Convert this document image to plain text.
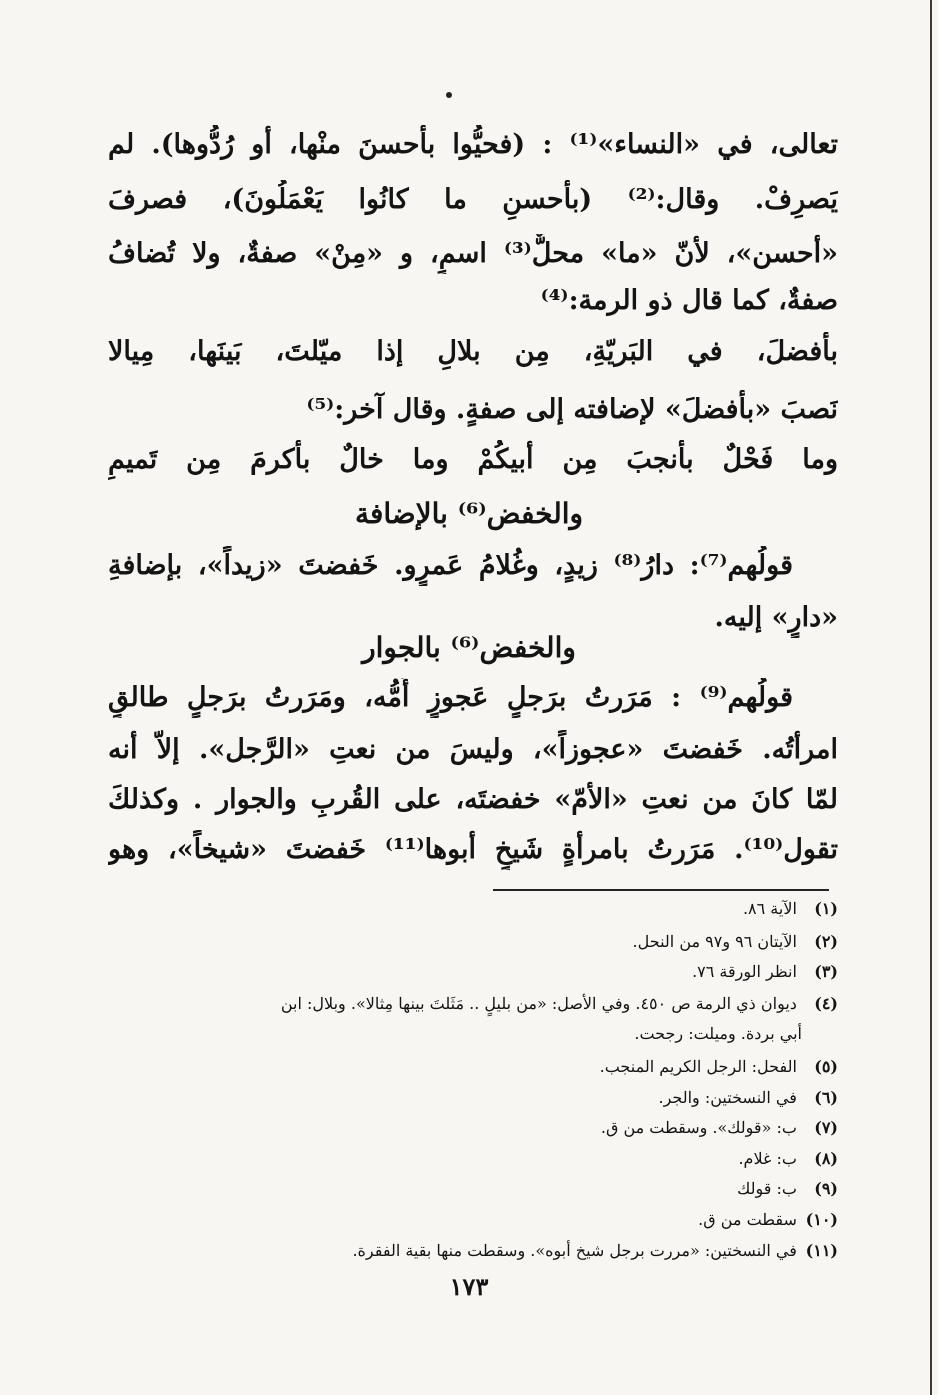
تعالى، في «النساء»⁽¹⁾ : (فحيُّوا بأحسنَ منْها، أو رُدُّوها). لم
يَصرِفْ. وقال:⁽²⁾ (بأحسنِ ما كانُوا يَعْمَلُونَ)، فصرفَ
«أحسن»، لأنّ «ما» محلٌّ⁽³⁾ اسمٍ، و «مِنْ» صفةٌ، ولا تُضافُ
صفةٌ، كما قال ذو الرمة:⁽⁴⁾
بأفضلَ، في البَريّةِ، مِن بلالِ إذا ميّلتَ، بَينَها، مِيالا
نَصبَ «بأفضلَ» لإضافته إلى صفةٍ. وقال آخر:⁽⁵⁾
وما فَحْلٌ بأنجبَ مِن أبيكُمْ وما خالٌ بأكرمَ مِن تَميمِ
والخفض⁽⁶⁾ بالإضافة
قولُهم⁽⁷⁾: دارُ⁽⁸⁾ زيدٍ، وغُلامُ عَمرٍو. خَفضتَ «زيداً»، بإضافةِ
«دارٍ» إليه.
والخفض⁽⁶⁾ بالجوار
قولُهم⁽⁹⁾ : مَرَرتُ برَجلٍ عَجوزٍ أُمُّه، ومَرَرتُ برَجلٍ طالقٍ
امرأتُه. خَفضتَ «عجوزاً»، وليسَ من نعتِ «الرَّجل». إلاّ أنه
لمّا كانَ من نعتِ «الأمّ» خفضتَه، على القُربِ والجوار . وكذلكَ
تقول⁽¹⁰⁾. مَرَرتُ بامرأةٍ شَيخٍ أبوها⁽¹¹⁾ خَفضتَ «شيخاً»، وهو
(١) الآية ٨٦.
(٢) الآيتان ٩٦ و٩٧ من النحل.
(٣) انظر الورقة ٧٦.
(٤) ديوان ذي الرمة ص ٤٥٠. وفي الأصل: «من بليلٍ .. مَثَلتَ بينها مِثالا». وبلال: ابن
أبي بردة. وميلت: رجحت.
(٥) الفحل: الرجل الكريم المنجب.
(٦) في النسختين: والجر.
(٧) ب: «قولك». وسقطت من ق.
(٨) ب: غلام.
(٩) ب: قولك
(١٠) سقطت من ق.
(١١) في النسختين: «مررت برجل شيخ أبوه». وسقطت منها بقية الفقرة.
١٧٣
